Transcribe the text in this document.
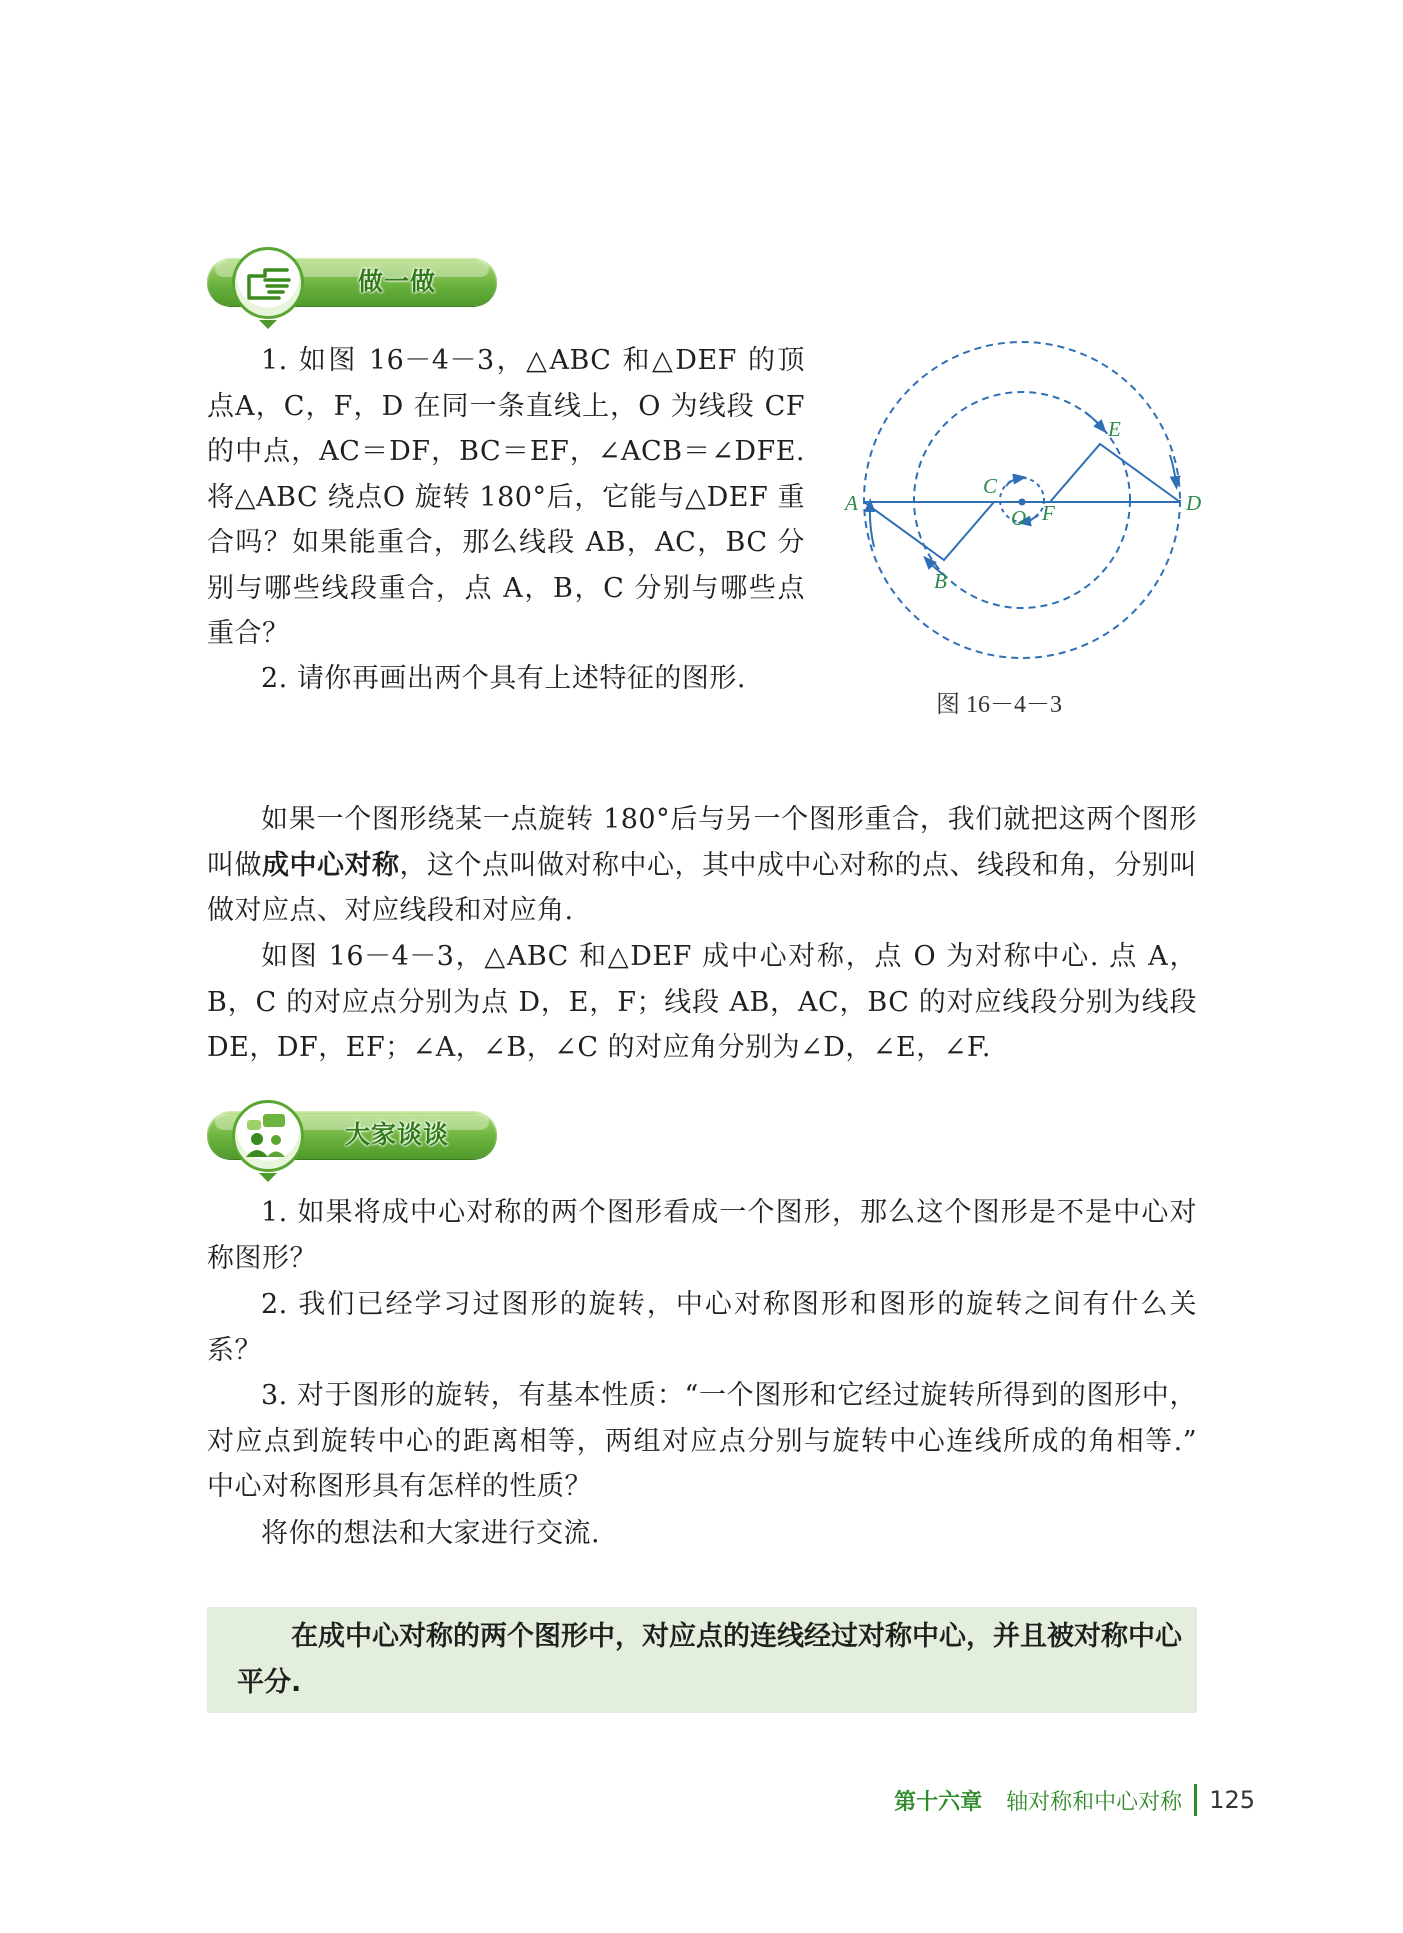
做一做

1. 如图 16－4－3，△ABC 和△DEF 的顶点A，C，F，D 在同一条直线上，O 为线段 CF 的中点，AC＝DF，BC＝EF，∠ACB＝∠DFE. 将△ABC 绕点O 旋转 180°后，它能与△DEF 重合吗？如果能重合，那么线段 AB，AC，BC 分别与哪些线段重合，点 A，B，C 分别与哪些点重合？

2. 请你再画出两个具有上述特征的图形.

A
B
C
O F
E
D
图 16－4－3

如果一个图形绕某一点旋转 180°后与另一个图形重合，我们就把这两个图形叫做成中心对称，这个点叫做对称中心，其中成中心对称的点、线段和角，分别叫做对应点、对应线段和对应角.

如图 16－4－3，△ABC 和△DEF 成中心对称，点 O 为对称中心. 点 A，B，C 的对应点分别为点 D，E，F；线段 AB，AC，BC 的对应线段分别为线段 DE，DF，EF；∠A，∠B，∠C 的对应角分别为∠D，∠E，∠F.

大家谈谈

1. 如果将成中心对称的两个图形看成一个图形，那么这个图形是不是中心对称图形？

2. 我们已经学习过图形的旋转，中心对称图形和图形的旋转之间有什么关系？

3. 对于图形的旋转，有基本性质：“一个图形和它经过旋转所得到的图形中，对应点到旋转中心的距离相等，两组对应点分别与旋转中心连线所成的角相等.” 中心对称图形具有怎样的性质？

将你的想法和大家进行交流.

在成中心对称的两个图形中，对应点的连线经过对称中心，并且被对称中心平分.

第十六章 轴对称和中心对称 125
